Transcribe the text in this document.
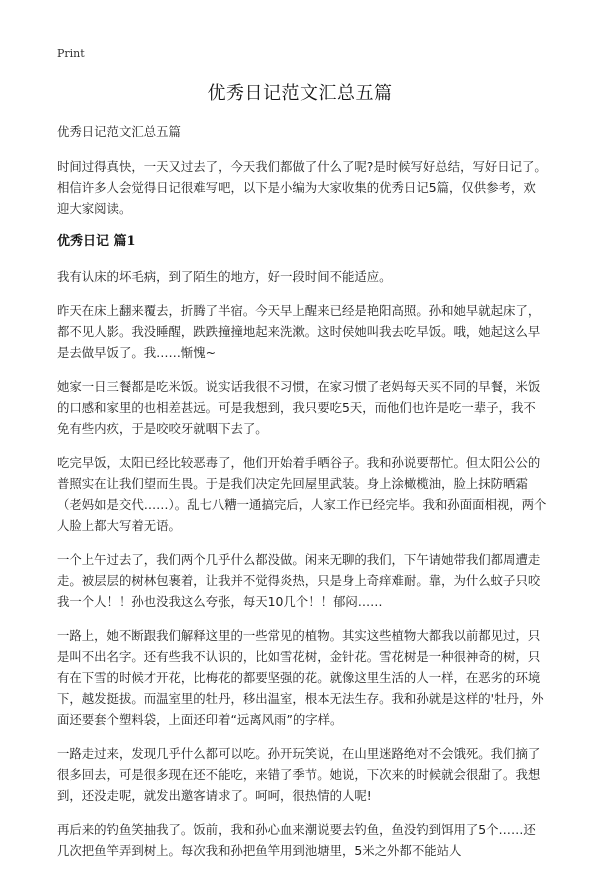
Print
优秀日记范文汇总五篇

优秀日记范文汇总五篇

时间过得真快，一天又过去了，今天我们都做了什么了呢?是时候写好总结，写好日记了。相信许多人会觉得日记很难写吧，以下是小编为大家收集的优秀日记5篇，仅供参考，欢迎大家阅读。

优秀日记 篇1

我有认床的坏毛病，到了陌生的地方，好一段时间不能适应。

昨天在床上翻来覆去，折腾了半宿。今天早上醒来已经是艳阳高照。孙和她早就起床了，都不见人影。我没睡醒，跌跌撞撞地起来洗漱。这时侯她叫我去吃早饭。哦，她起这么早是去做早饭了。我……惭愧~

她家一日三餐都是吃米饭。说实话我很不习惯，在家习惯了老妈每天买不同的早餐，米饭的口感和家里的也相差甚远。可是我想到，我只要吃5天，而他们也许是吃一辈子，我不免有些内疚，于是咬咬牙就咽下去了。

吃完早饭，太阳已经比较恶毒了，他们开始着手晒谷子。我和孙说要帮忙。但太阳公公的普照实在让我们望而生畏。于是我们决定先回屋里武装。身上涂橄榄油，脸上抹防晒霜（老妈如是交代……）。乱七八糟一通搞完后，人家工作已经完毕。我和孙面面相视，两个人脸上都大写着无语。

一个上午过去了，我们两个几乎什么都没做。闲来无聊的我们，下午请她带我们都周遭走走。被层层的树林包裹着，让我并不觉得炎热，只是身上奇痒难耐。靠，为什么蚊子只咬我一个人！！孙也没我这么夸张，每天10几个！！郁闷……

一路上，她不断跟我们解释这里的一些常见的植物。其实这些植物大都我以前都见过，只是叫不出名字。还有些我不认识的，比如雪花树，金针花。雪花树是一种很神奇的树，只有在下雪的时候才开花，比梅花的都要坚强的花。就像这里生活的人一样，在恶劣的环境下，越发挺拔。而温室里的牡丹，移出温室，根本无法生存。我和孙就是这样的'牡丹，外面还要套个塑料袋，上面还印着“远离风雨”的字样。

一路走过来，发现几乎什么都可以吃。孙开玩笑说，在山里迷路绝对不会饿死。我们摘了很多回去，可是很多现在还不能吃，来错了季节。她说，下次来的时候就会很甜了。我想到，还没走呢，就发出邀客请求了。呵呵，很热情的人呢!

再后来的钓鱼笑抽我了。饭前，我和孙心血来潮说要去钓鱼，鱼没钓到饵用了5个……还几次把鱼竿弄到树上。每次我和孙把鱼竿用到池塘里，5米之外都不能站人
